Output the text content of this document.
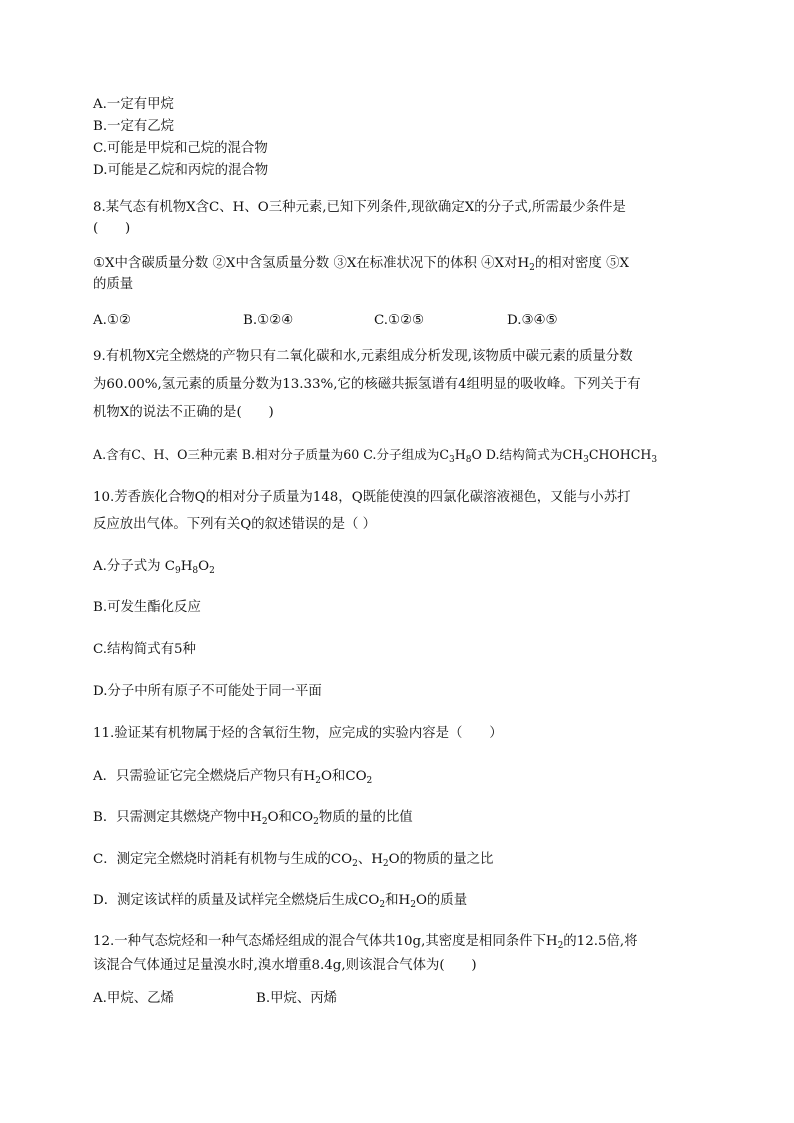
A.一定有甲烷
B.一定有乙烷
C.可能是甲烷和己烷的混合物
D.可能是乙烷和丙烷的混合物
8.某气态有机物X含C、H、O三种元素,已知下列条件,现欲确定X的分子式,所需最少条件是
(　　)
①X中含碳质量分数 ②X中含氢质量分数 ③X在标准状况下的体积 ④X对$H_2$的相对密度 ⑤X
的质量
A.①②	B.①②④	C.①②⑤	D.③④⑤
9.有机物X完全燃烧的产物只有二氧化碳和水,元素组成分析发现,该物质中碳元素的质量分数
为60.00%,氢元素的质量分数为13.33%,它的核磁共振氢谱有4组明显的吸收峰。下列关于有
机物X的说法不正确的是(　　)
A.含有C、H、O三种元素 B.相对分子质量为60 C.分子组成为$C_3H_8O$ D.结构简式为$CH_3CHOHCH_3$
10.芳香族化合物Q的相对分子质量为148，Q既能使溴的四氯化碳溶液褪色，又能与小苏打
反应放出气体。下列有关Q的叙述错误的是（ ）
A.分子式为 $C_9H_8O_2$
B.可发生酯化反应
C.结构简式有5种
D.分子中所有原子不可能处于同一平面
11.验证某有机物属于烃的含氧衍生物，应完成的实验内容是（　　）
A．只需验证它完全燃烧后产物只有$H_2O$和$CO_2$
B．只需测定其燃烧产物中$H_2O$和$CO_2$物质的量的比值
C．测定完全燃烧时消耗有机物与生成的$CO_2$、$H_2O$的物质的量之比
D．测定该试样的质量及试样完全燃烧后生成$CO_2$和$H_2O$的质量
12.一种气态烷烃和一种气态烯烃组成的混合气体共10g,其密度是相同条件下$H_2$的12.5倍,将
该混合气体通过足量溴水时,溴水增重8.4g,则该混合气体为(　　)
A.甲烷、乙烯	B.甲烷、丙烯
